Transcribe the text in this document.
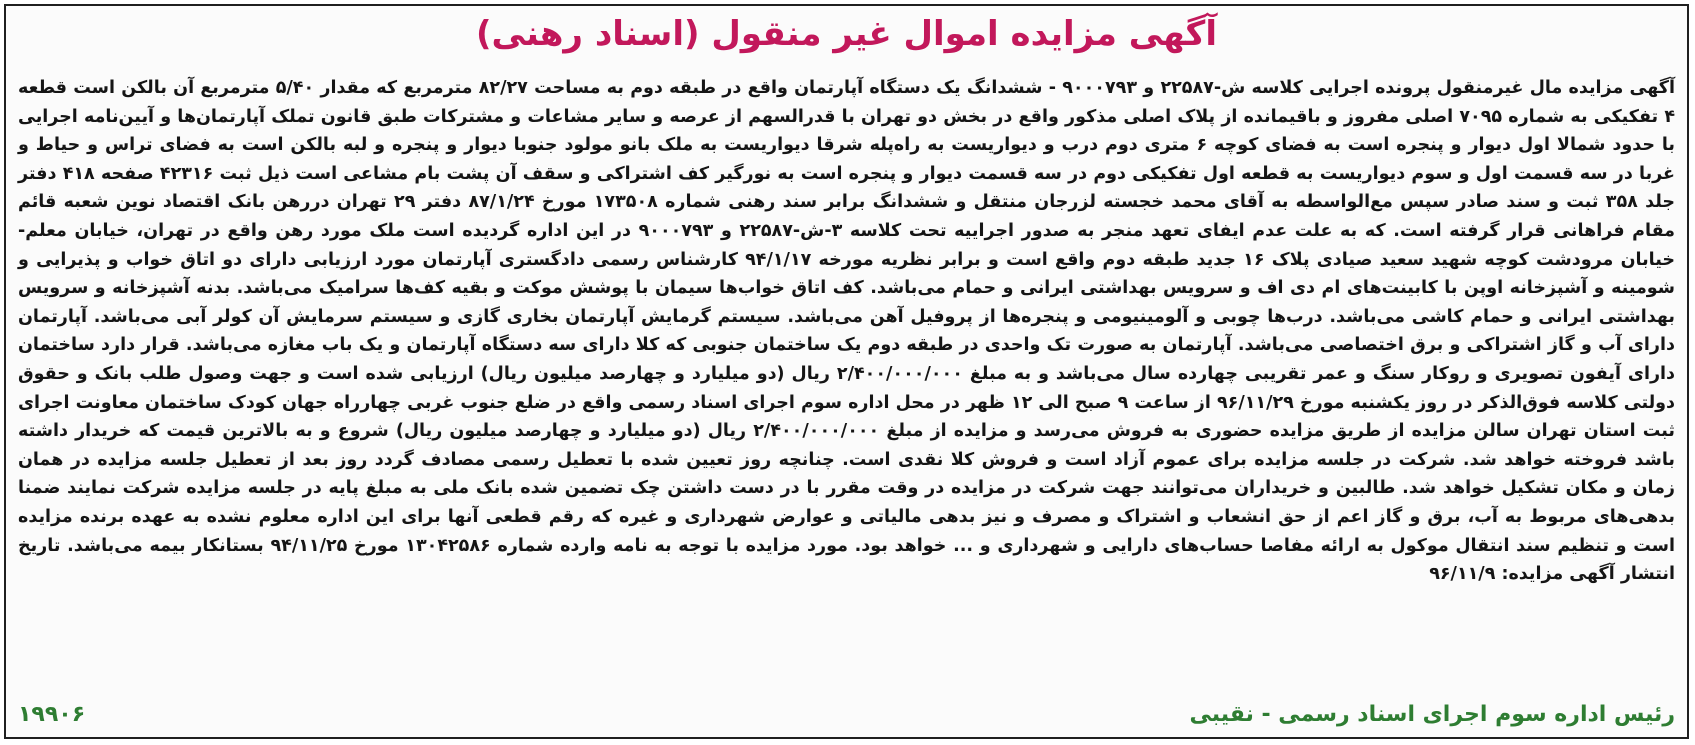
آگهی مزایده اموال غیر منقول (اسناد رهنی)
آگهی مزایده مال غیرمنقول پرونده اجرایی کلاسه ش-۲۲۵۸۷ و ۹۰۰۰۷۹۳ - ششدانگ یک دستگاه آپارتمان واقع در طبقه دوم به مساحت ۸۲/۲۷ مترمربع که مقدار ۵/۴۰ مترمربع آن بالکن است قطعه ۴ تفکیکی به شماره ۷۰۹۵ اصلی مفروز و باقیمانده از پلاک اصلی مذکور واقع در بخش دو تهران با قدرالسهم از عرصه و سایر مشاعات و مشترکات طبق قانون تملک آپارتمان‌ها و آیین‌نامه اجرایی با حدود شمالا اول دیوار و پنجره است به فضای کوچه ۶ متری دوم درب و دیواریست به راه‌پله شرقا دیواریست به ملک بانو مولود جنوبا دیوار و پنجره و لبه بالکن است به فضای تراس و حیاط و غربا در سه قسمت اول و سوم دیواریست به قطعه اول تفکیکی دوم در سه قسمت دیوار و پنجره است به نورگیر کف اشتراکی و سقف آن پشت بام مشاعی است ذیل ثبت ۴۲۳۱۶ صفحه ۴۱۸ دفتر جلد ۳۵۸ ثبت و سند صادر سپس مع‌الواسطه به آقای محمد خجسته لزرجان منتقل و ششدانگ برابر سند رهنی شماره ۱۷۳۵۰۸ مورخ ۸۷/۱/۲۴ دفتر ۲۹ تهران دررهن بانک اقتصاد نوین شعبه قائم مقام فراهانی قرار گرفته است. که به علت عدم ایفای تعهد منجر به صدور اجراییه تحت کلاسه ۳-ش-۲۲۵۸۷ و ۹۰۰۰۷۹۳ در این اداره گردیده است ملک مورد رهن واقع در تهران، خیابان معلم- خیابان مرودشت کوچه شهید سعید صیادی پلاک ۱۶ جدید طبقه دوم واقع است و برابر نظریه مورخه ۹۴/۱/۱۷ کارشناس رسمی دادگستری آپارتمان مورد ارزیابی دارای دو اتاق خواب و پذیرایی و شومینه و آشپزخانه اوپن با کابینت‌های ام دی اف و سرویس بهداشتی ایرانی و حمام می‌باشد. کف اتاق خواب‌ها سیمان با پوشش موکت و بقیه کف‌ها سرامیک می‌باشد. بدنه آشپزخانه و سرویس بهداشتی ایرانی و حمام کاشی می‌باشد. درب‌ها چوبی و آلومینیومی و پنجره‌ها از پروفیل آهن می‌باشد. سیستم گرمایش آپارتمان بخاری گازی و سیستم سرمایش آن کولر آبی می‌باشد. آپارتمان دارای آب و گاز اشتراکی و برق اختصاصی می‌باشد. آپارتمان به صورت تک واحدی در طبقه دوم یک ساختمان جنوبی که کلا دارای سه دستگاه آپارتمان و یک باب مغازه می‌باشد. قرار دارد ساختمان دارای آیفون تصویری و روکار سنگ و عمر تقریبی چهارده سال می‌باشد و به مبلغ ۲/۴۰۰/۰۰۰/۰۰۰ ریال (دو میلیارد و چهارصد میلیون ریال) ارزیابی شده است و جهت وصول طلب بانک و حقوق دولتی کلاسه فوق‌الذکر در روز یکشنبه مورخ ۹۶/۱۱/۲۹ از ساعت ۹ صبح الی ۱۲ ظهر در محل اداره سوم اجرای اسناد رسمی واقع در ضلع جنوب غربی چهارراه جهان کودک ساختمان معاونت اجرای ثبت استان تهران سالن مزایده از طریق مزایده حضوری به فروش می‌رسد و مزایده از مبلغ ۲/۴۰۰/۰۰۰/۰۰۰ ریال (دو میلیارد و چهارصد میلیون ریال) شروع و به بالاترین قیمت که خریدار داشته باشد فروخته خواهد شد. شرکت در جلسه مزایده برای عموم آزاد است و فروش کلا نقدی است. چنانچه روز تعیین شده با تعطیل رسمی مصادف گردد روز بعد از تعطیل جلسه مزایده در همان زمان و مکان تشکیل خواهد شد. طالبین و خریداران می‌توانند جهت شرکت در مزایده در وقت مقرر با در دست داشتن چک تضمین شده بانک ملی به مبلغ پایه در جلسه مزایده شرکت نمایند ضمنا بدهی‌های مربوط به آب، برق و گاز اعم از حق انشعاب و اشتراک و مصرف و نیز بدهی مالیاتی و عوارض شهرداری و غیره که رقم قطعی آنها برای این اداره معلوم نشده به عهده برنده مزایده است و تنظیم سند انتقال موکول به ارائه مفاصا حساب‌های دارایی و شهرداری و ... خواهد بود. مورد مزایده با توجه به نامه وارده شماره ۱۳۰۴۲۵۸۶ مورخ ۹۴/۱۱/۲۵ بستانکار بیمه می‌باشد. تاریخ انتشار آگهی مزایده: ۹۶/۱۱/۹
رئیس اداره سوم اجرای اسناد رسمی - نقیبی
۱۹۹۰۶
